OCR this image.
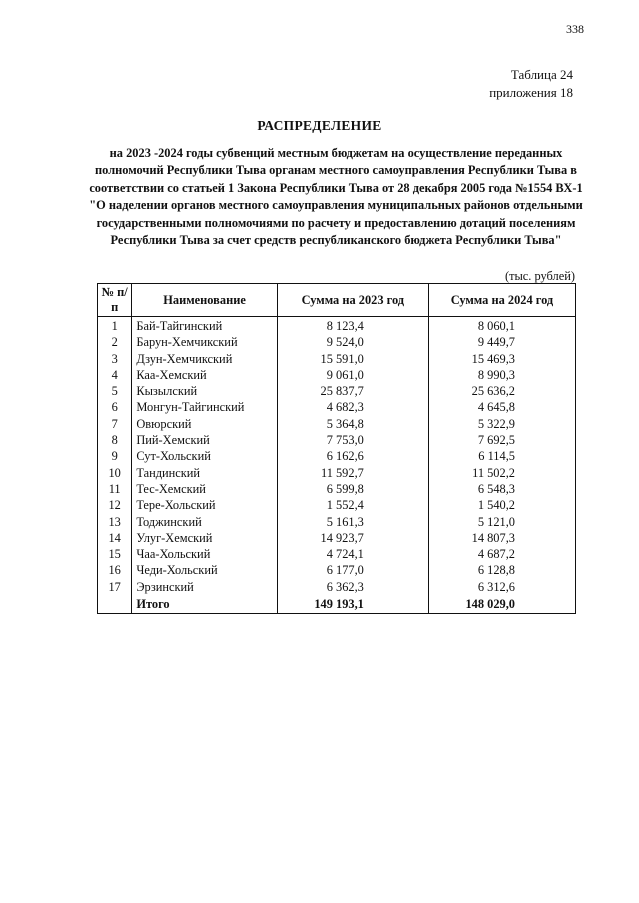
338
Таблица 24
приложения 18
РАСПРЕДЕЛЕНИЕ
на 2023 -2024 годы субвенций местным бюджетам на осуществление переданных полномочий Республики Тыва органам местного самоуправления Республики Тыва в соответствии со статьей 1 Закона Республики Тыва от 28 декабря 2005 года №1554 ВХ-1 "О наделении органов местного самоуправления муниципальных районов отдельными государственными полномочиями по расчету и предоставлению дотаций поселениям Республики Тыва за счет средств республиканского бюджета Республики Тыва"
(тыс. рублей)
№ п/п	Наименование	Сумма на 2023 год	Сумма на 2024 год
1	Бай-Тайгинский	8 123,4	8 060,1
2	Барун-Хемчикский	9 524,0	9 449,7
3	Дзун-Хемчикский	15 591,0	15 469,3
4	Каа-Хемский	9 061,0	8 990,3
5	Кызылский	25 837,7	25 636,2
6	Монгун-Тайгинский	4 682,3	4 645,8
7	Овюрский	5 364,8	5 322,9
8	Пий-Хемский	7 753,0	7 692,5
9	Сут-Хольский	6 162,6	6 114,5
10	Тандинский	11 592,7	11 502,2
11	Тес-Хемский	6 599,8	6 548,3
12	Тере-Хольский	1 552,4	1 540,2
13	Тоджинский	5 161,3	5 121,0
14	Улуг-Хемский	14 923,7	14 807,3
15	Чаа-Хольский	4 724,1	4 687,2
16	Чеди-Хольский	6 177,0	6 128,8
17	Эрзинский	6 362,3	6 312,6
	Итого	149 193,1	148 029,0
